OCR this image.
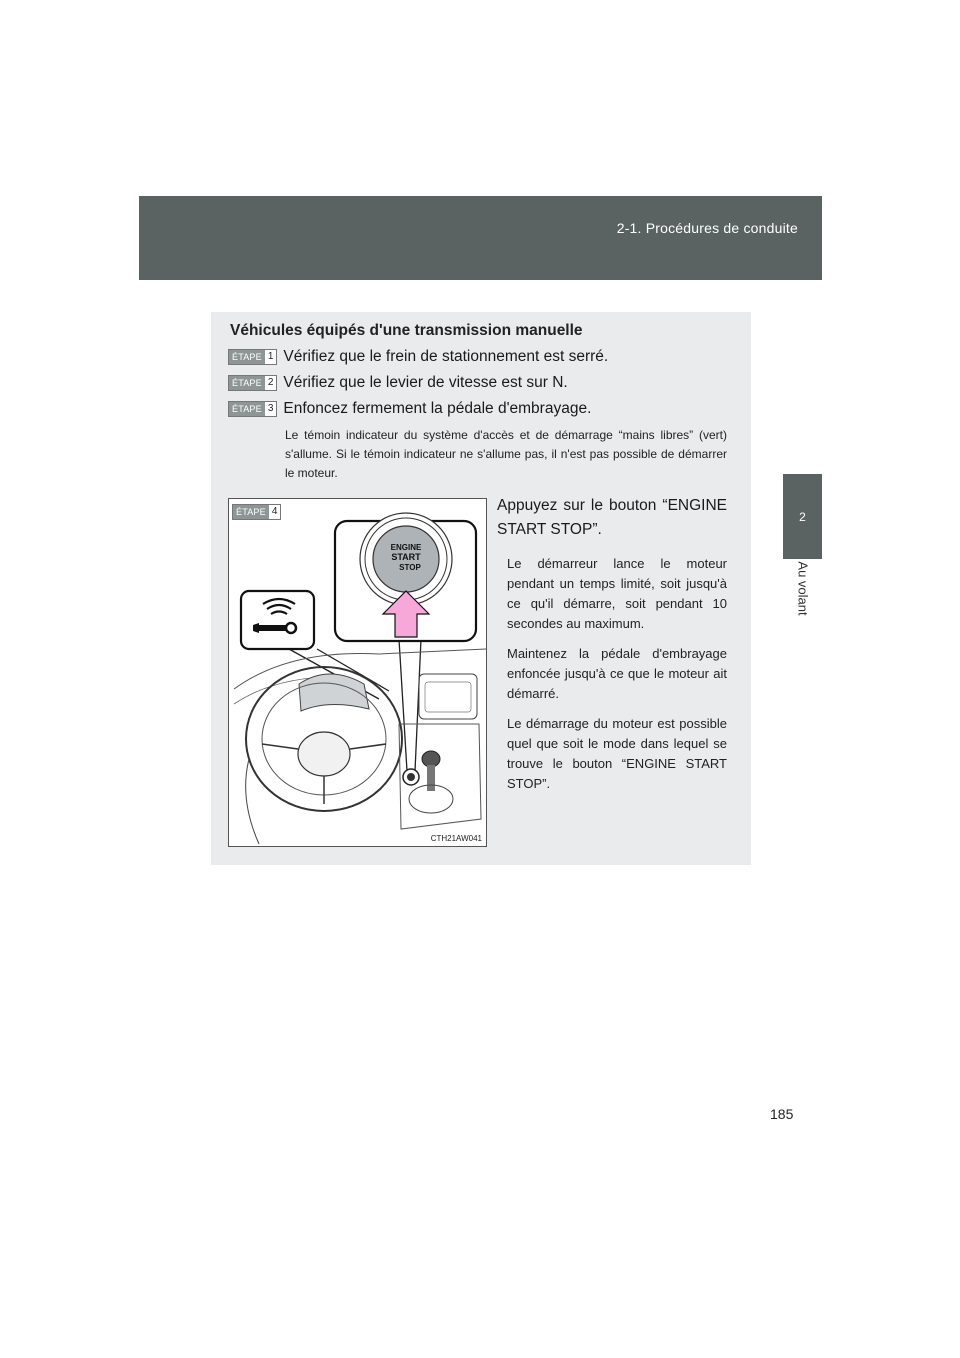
2-1. Procédures de conduite
2
Au volant
Véhicules équipés d'une transmission manuelle
ÉTAPE 1 Vérifiez que le frein de stationnement est serré.
ÉTAPE 2 Vérifiez que le levier de vitesse est sur N.
ÉTAPE 3 Enfoncez fermement la pédale d'embrayage.
Le témoin indicateur du système d'accès et de démarrage “mains libres” (vert) s'allume. Si le témoin indicateur ne s'allume pas, il n'est pas possible de démarrer le moteur.
ÉTAPE 4
ENGINE
START
STOP
CTH21AW041
Appuyez sur le bouton “ENGINE START STOP”.
Le démarreur lance le moteur pendant un temps limité, soit jusqu'à ce qu'il démarre, soit pendant 10 secondes au maximum.
Maintenez la pédale d'embrayage enfoncée jusqu'à ce que le moteur ait démarré.
Le démarrage du moteur est possible quel que soit le mode dans lequel se trouve le bouton “ENGINE START STOP”.
185
